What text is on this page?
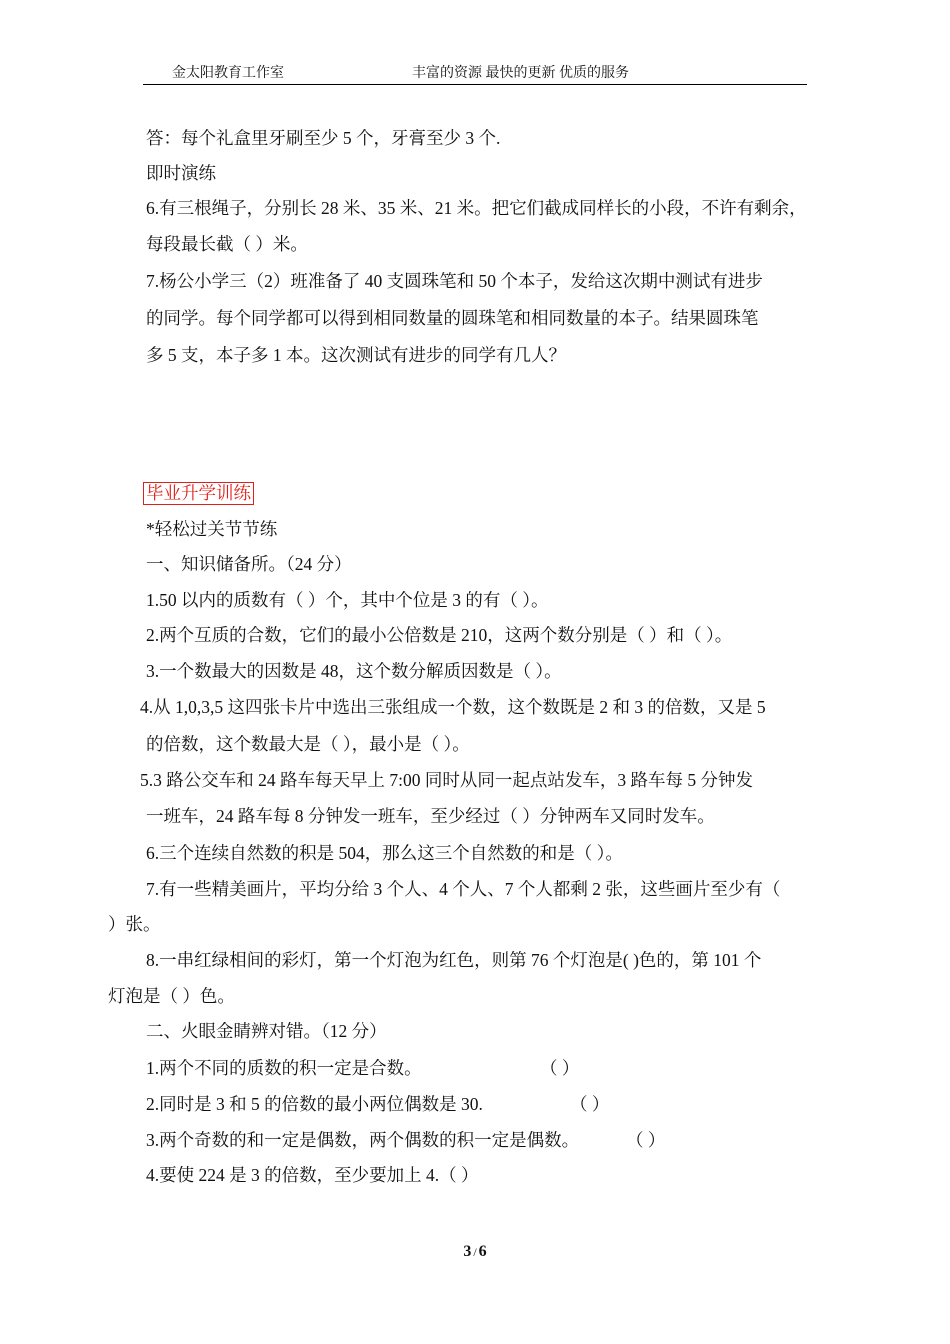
金太阳教育工作室	丰富的资源 最快的更新 优质的服务
答：每个礼盒里牙刷至少 5 个，牙膏至少 3 个.
即时演练
6.有三根绳子，分别长 28 米、35 米、21 米。把它们截成同样长的小段，不许有剩余，
每段最长截（ ）米。
7.杨公小学三（2）班准备了 40 支圆珠笔和 50 个本子，发给这次期中测试有进步
的同学。每个同学都可以得到相同数量的圆珠笔和相同数量的本子。结果圆珠笔
多 5 支，本子多 1 本。这次测试有进步的同学有几人？
毕业升学训练
*轻松过关节节练
一、知识储备所。（24 分）
1.50 以内的质数有（ ）个，其中个位是 3 的有（ ）。
2.两个互质的合数，它们的最小公倍数是 210，这两个数分别是（ ）和（ ）。
3.一个数最大的因数是 48，这个数分解质因数是（ ）。
4.从 1,0,3,5 这四张卡片中选出三张组成一个数，这个数既是 2 和 3 的倍数，又是 5
的倍数，这个数最大是（ ），最小是（ ）。
5.3 路公交车和 24 路车每天早上 7:00 同时从同一起点站发车，3 路车每 5 分钟发
一班车，24 路车每 8 分钟发一班车，至少经过（ ）分钟两车又同时发车。
6.三个连续自然数的积是 504，那么这三个自然数的和是（ ）。
7.有一些精美画片，平均分给 3 个人、4 个人、7 个人都剩 2 张，这些画片至少有（
）张。
8.一串红绿相间的彩灯，第一个灯泡为红色，则第 76 个灯泡是( )色的，第 101 个
灯泡是（ ）色。
二、火眼金睛辨对错。（12 分）
1.两个不同的质数的积一定是合数。	（ ）
2.同时是 3 和 5 的倍数的最小两位偶数是 30.	（ ）
3.两个奇数的和一定是偶数，两个偶数的积一定是偶数。	（ ）
4.要使 224 是 3 的倍数，至少要加上 4.（ ）
3 / 6
